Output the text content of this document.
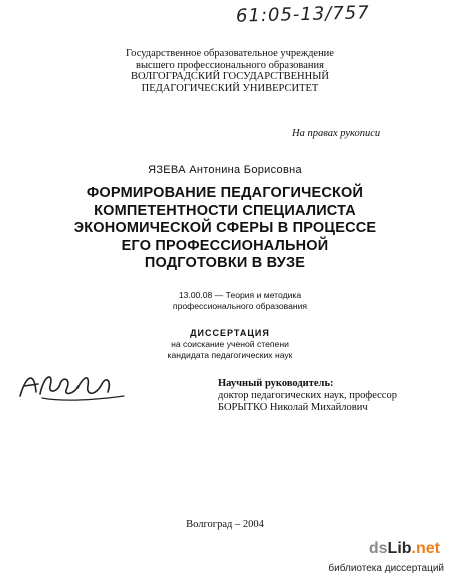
61:05-13/757
Государственное образовательное учреждение
высшего профессионального образования
ВОЛГОГРАДСКИЙ ГОСУДАРСТВЕННЫЙ
ПЕДАГОГИЧЕСКИЙ УНИВЕРСИТЕТ
На правах рукописи
ЯЗЕВА Антонина Борисовна
ФОРМИРОВАНИЕ ПЕДАГОГИЧЕСКОЙ
КОМПЕТЕНТНОСТИ СПЕЦИАЛИСТА
ЭКОНОМИЧЕСКОЙ СФЕРЫ В ПРОЦЕССЕ
ЕГО ПРОФЕССИОНАЛЬНОЙ
ПОДГОТОВКИ В ВУЗЕ
13.00.08 — Теория и методика
профессионального образования
ДИССЕРТАЦИЯ
на соискание ученой степени
кандидата педагогических наук
Научный руководитель:
доктор педагогических наук, профессор
БОРЫТКО Николай Михайлович
Волгоград – 2004
dsLib.net
библиотека диссертаций
